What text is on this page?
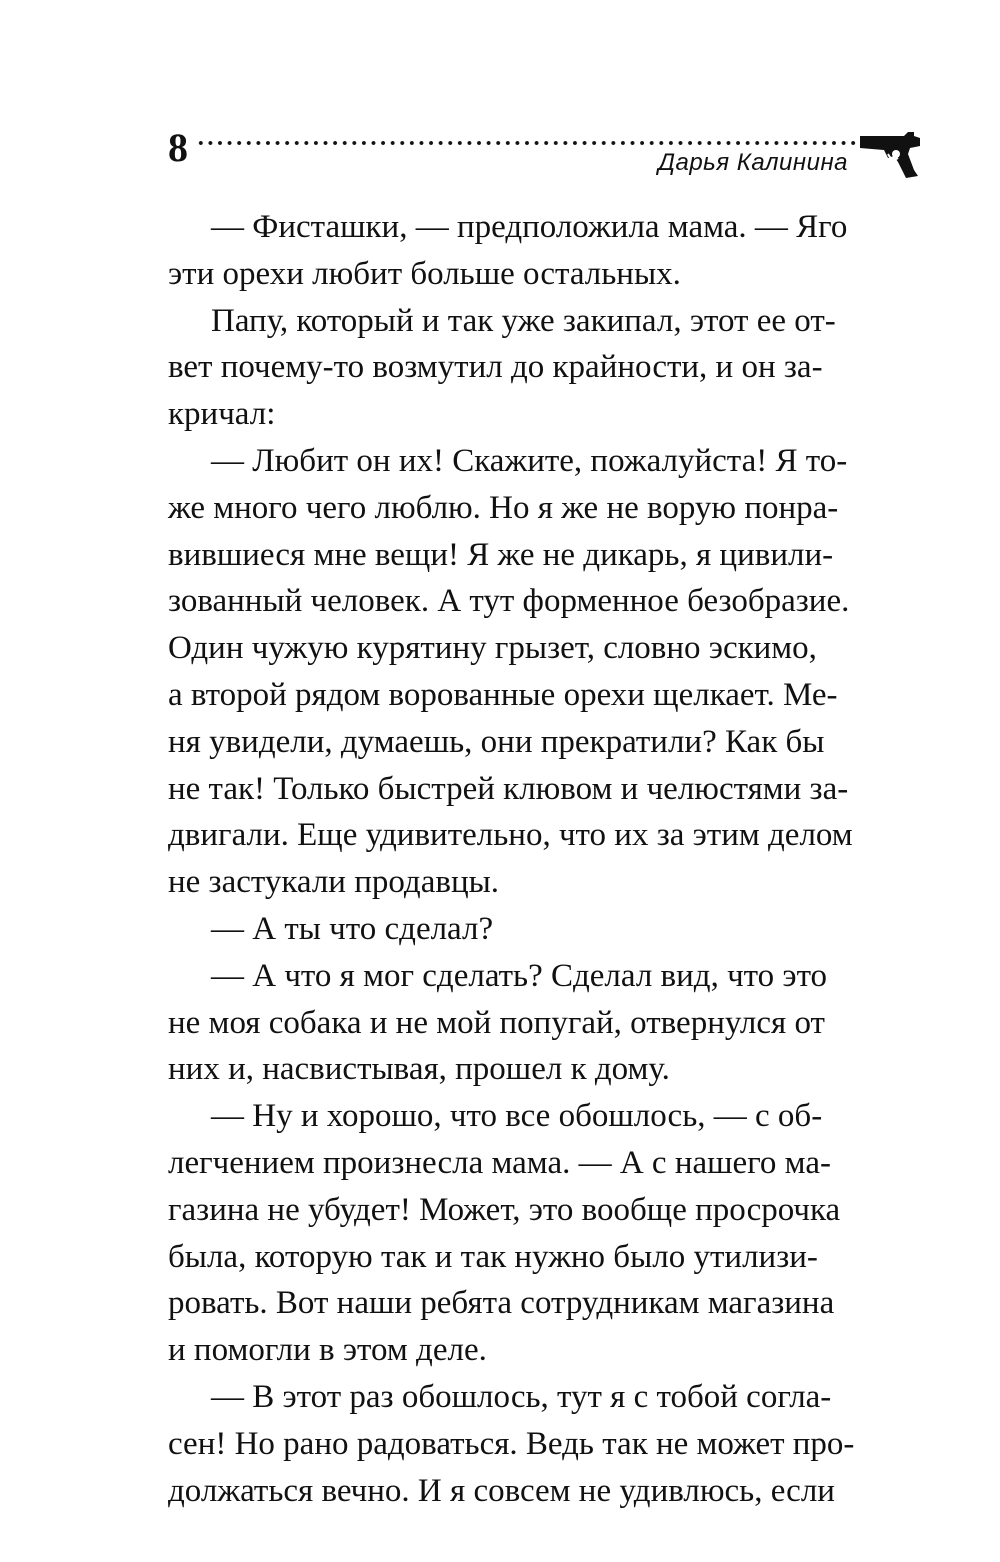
8	Дарья Калинина

— Фисташки, — предположила мама. — Яго
эти орехи любит больше остальных.

Папу, который и так уже закипал, этот ее от-
вет почему-то возмутил до крайности, и он за-
кричал:

— Любит он их! Скажите, пожалуйста! Я то-
же много чего люблю. Но я же не ворую понра-
вившиеся мне вещи! Я же не дикарь, я цивили-
зованный человек. А тут форменное безобразие.
Один чужую курятину грызет, словно эскимо,
а второй рядом ворованные орехи щелкает. Ме-
ня увидели, думаешь, они прекратили? Как бы
не так! Только быстрей клювом и челюстями за-
двигали. Еще удивительно, что их за этим делом
не застукали продавцы.

— А ты что сделал?

— А что я мог сделать? Сделал вид, что это
не моя собака и не мой попугай, отвернулся от
них и, насвистывая, прошел к дому.

— Ну и хорошо, что все обошлось, — с об-
легчением произнесла мама. — А с нашего ма-
газина не убудет! Может, это вообще просрочка
была, которую так и так нужно было утилизи-
ровать. Вот наши ребята сотрудникам магазина
и помогли в этом деле.

— В этот раз обошлось, тут я с тобой согла-
сен! Но рано радоваться. Ведь так не может про-
должаться вечно. И я совсем не удивлюсь, если
